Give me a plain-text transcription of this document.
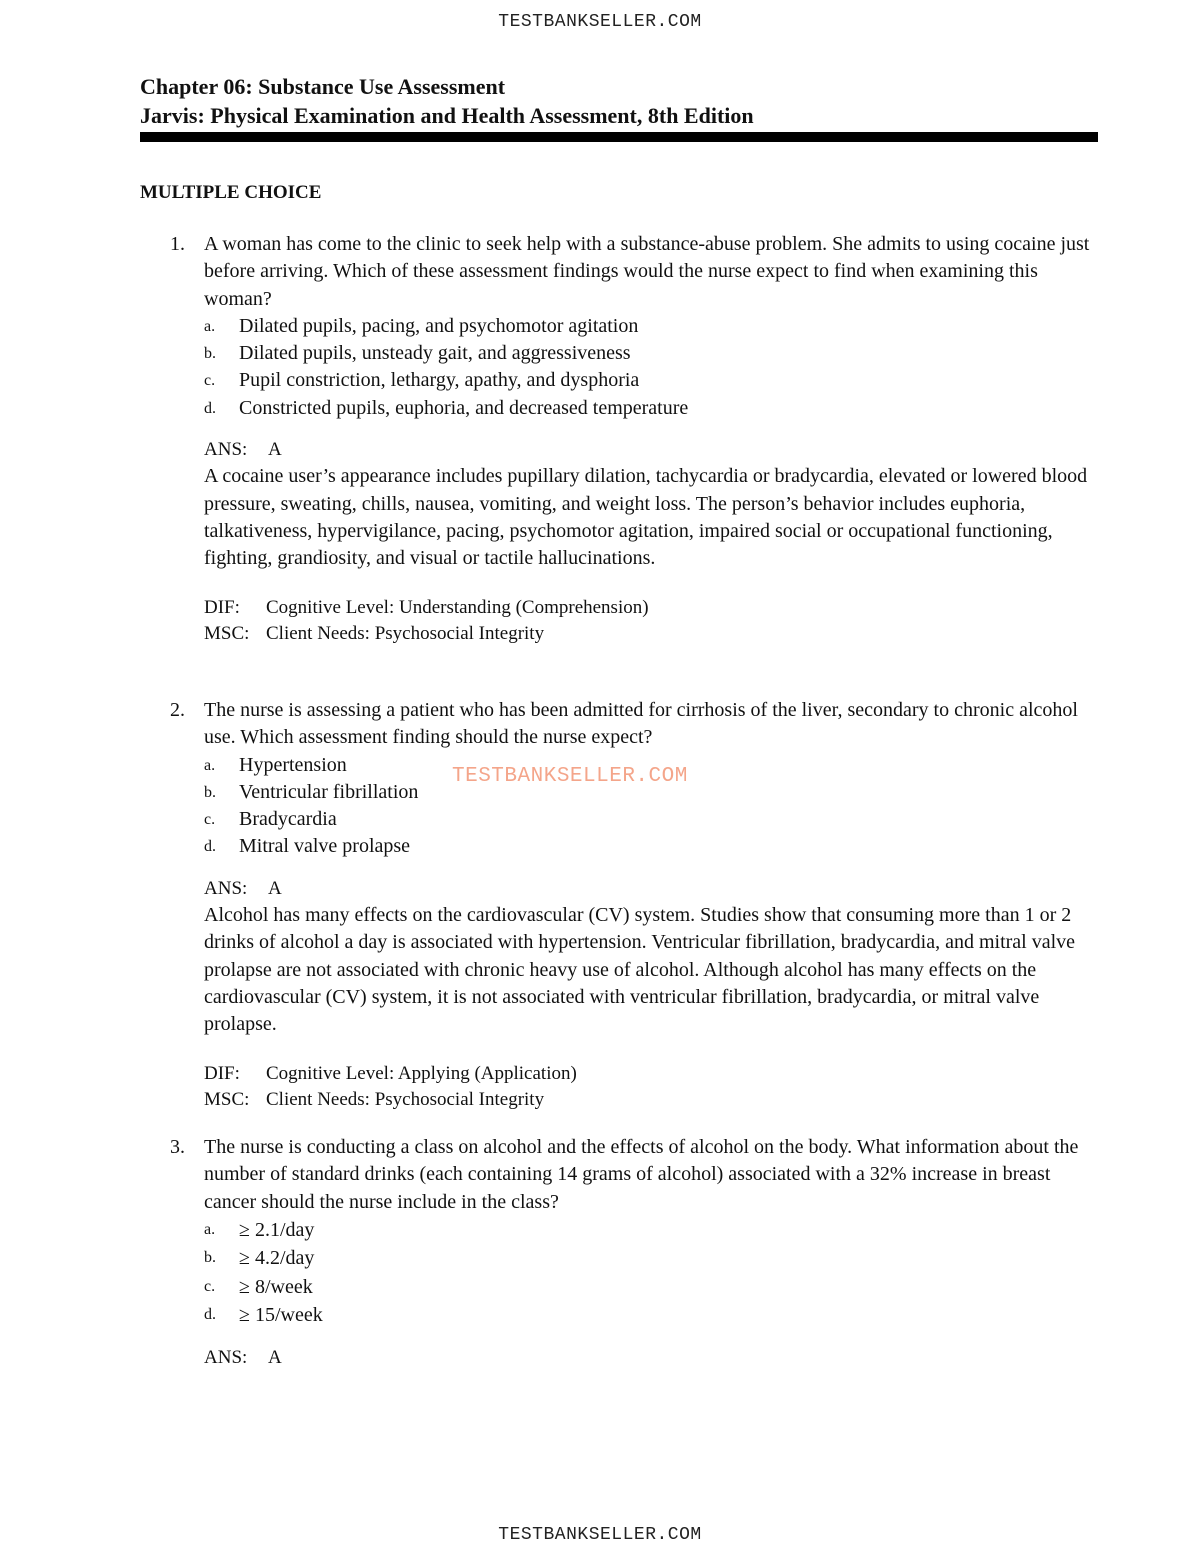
TESTBANKSELLER.COM
Chapter 06: Substance Use Assessment
Jarvis: Physical Examination and Health Assessment, 8th Edition
MULTIPLE CHOICE
1. A woman has come to the clinic to seek help with a substance-abuse problem. She admits to using cocaine just before arriving. Which of these assessment findings would the nurse expect to find when examining this woman?
a. Dilated pupils, pacing, and psychomotor agitation
b. Dilated pupils, unsteady gait, and aggressiveness
c. Pupil constriction, lethargy, apathy, and dysphoria
d. Constricted pupils, euphoria, and decreased temperature
ANS: A
A cocaine user’s appearance includes pupillary dilation, tachycardia or bradycardia, elevated or lowered blood pressure, sweating, chills, nausea, vomiting, and weight loss. The person’s behavior includes euphoria, talkativeness, hypervigilance, pacing, psychomotor agitation, impaired social or occupational functioning, fighting, grandiosity, and visual or tactile hallucinations.
DIF: Cognitive Level: Understanding (Comprehension)
MSC: Client Needs: Psychosocial Integrity
2. The nurse is assessing a patient who has been admitted for cirrhosis of the liver, secondary to chronic alcohol use. Which assessment finding should the nurse expect?
a. Hypertension
b. Ventricular fibrillation
c. Bradycardia
d. Mitral valve prolapse
ANS: A
Alcohol has many effects on the cardiovascular (CV) system. Studies show that consuming more than 1 or 2 drinks of alcohol a day is associated with hypertension. Ventricular fibrillation, bradycardia, and mitral valve prolapse are not associated with chronic heavy use of alcohol. Although alcohol has many effects on the cardiovascular (CV) system, it is not associated with ventricular fibrillation, bradycardia, or mitral valve prolapse.
DIF: Cognitive Level: Applying (Application)
MSC: Client Needs: Psychosocial Integrity
3. The nurse is conducting a class on alcohol and the effects of alcohol on the body. What information about the number of standard drinks (each containing 14 grams of alcohol) associated with a 32% increase in breast cancer should the nurse include in the class?
a. ≥ 2.1/day
b. ≥ 4.2/day
c. ≥ 8/week
d. ≥ 15/week
ANS: A
TESTBANKSELLER.COM
TESTBANKSELLER.COM
